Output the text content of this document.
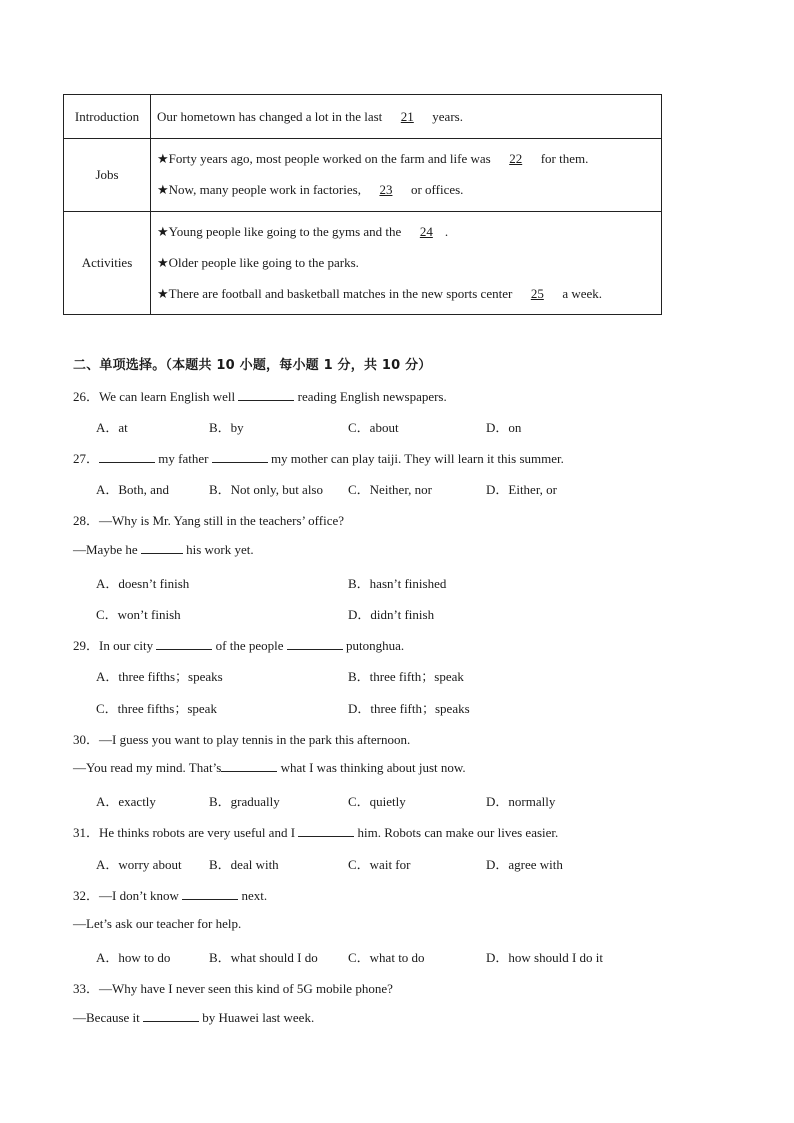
Introduction	Our hometown has changed a lot in the last 21 years.
Jobs
★Forty years ago, most people worked on the farm and life was 22 for them.
★Now, many people work in factories, 23 or offices.
Activities
★Young people like going to the gyms and the 24 .
★Older people like going to the parks.
★There are football and basketball matches in the new sports center 25 a week.
二、单项选择。（本题共 10 小题，每小题 1 分，共 10 分）
26．We can learn English well	reading English newspapers.
A．at	B．by	C．about	D．on
27．	my father	my mother can play taiji. They will learn it this summer.
A．Both, and	B．Not only, but also C．Neither, nor	D．Either, or
28．—Why is Mr. Yang still in the teachers’ office?
—Maybe he	his work yet.
A．doesn’t finish	B．hasn’t finished
C．won’t finish	D．didn’t finish
29．In our city	of the people	putonghua.
A．three fifths；speaks	B．three fifth；speak
C．three fifths；speak	D．three fifth；speaks
30．—I guess you want to play tennis in the park this afternoon.
—You read my mind. That’s	what I was thinking about just now.
A．exactly	B．gradually	C．quietly	D．normally
31．He thinks robots are very useful and I	him. Robots can make our lives easier.
A．worry about B．deal with	C．wait for	D．agree with
32．—I don’t know	next.
—Let’s ask our teacher for help.
A．how to do	B．what should I do C．what to do	D．how should I do it
33．—Why have I never seen this kind of 5G mobile phone?
—Because it	by Huawei last week.
